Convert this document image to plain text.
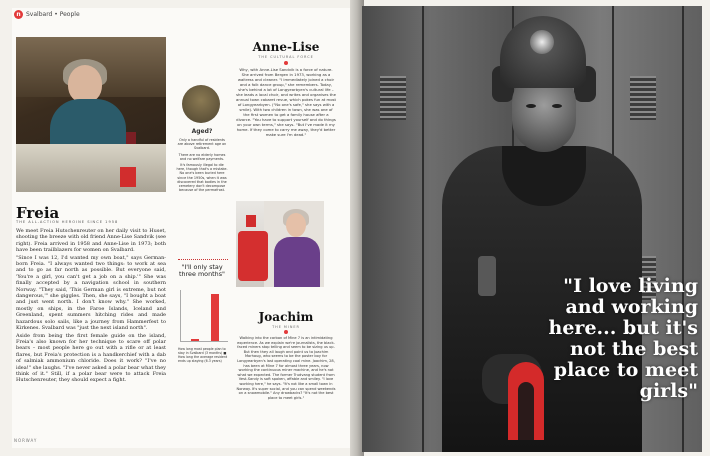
n Svalbard • People
Freia
THE ALL-ACTION HEROINE SINCE 1958

We meet Freia Hutschenreuter on her daily visit to Huset, shooting the breeze with old friend Anne-Lise Sandvik (see right). Freia arrived in 1958 and Anne-Lise in 1973; both have been trailblazers for women on Svalbard.

"Since I was 12, I'd wanted my own boat," says German-born Freia. "I always wanted two things: to work at sea and to go as far north as possible. But everyone said, 'You're a girl, you can't get a job on a ship.'" She was finally accepted by a navigation school in southern Norway. "They said, 'This German girl is extreme, but not dangerous,'" she giggles. Then, she says, "I bought a boat and just went north. I don't know why." She worked, mostly on ships, in the Faroe Islands, Iceland and Greenland, spent summers hitching rides and made hazardous solo sails, like a journey from Hammerfest to Kirkenes. Svalbard was "just the next island north".

Aside from being the first female guide on the island, Freia's also known for her technique to scare off polar bears – most people here go out with a rifle or at least flares, but Freia's protection is a handkerchief with a dab of salmiak ammonium chloride. Does it work? "I've no idea!" she laughs. "I've never asked a polar bear what they think of it." Still, if a polar bear were to attack Freia Hutschenreuter, they should expect a fight.

Aged?

Only a handful of residents are above retirement age on Svalbard.

There are no elderly homes and no welfare payments.

It's famously illegal to die here, though that's a mistake. No one's been buried here since the 1950s, when it was discovered that bodies in the cemetery don't decompose because of the permafrost.

"I'll only stay three months"
How long most people plan to stay in Svalbard (3 months) ■ How long the average resident ends up staying (6.3 years)
Anne-Lise
THE CULTURAL FORCE
Why, with Anne-Lise Sandvik is a force of nature. She arrived from Bergen in 1973, working as a waitress and cleaner. "I immediately joined a choir and a folk dance group," she remembers. Today, she's behind a lot of Longyearbyen's cultural life – she leads a local choir, and writes and organises the annual town cabaret revue, which pokes fun at most of Longyearbyen. ("No one's safe," she says with a smile). With two children in town, she was one of the first women to get a family house after a divorce. "You have to support yourself and do things on your own terms," she says. "But I've made it my home. If they come to carry me away, they'd better make sure I'm dead."
Joachim
THE MINER
Walking into the carbon of Mine 7 is an intimidating experience. As we explain we're journalists, the black-faced miners stop telling and seem to be sizing us up. But then they all laugh and point us to Joachim Morhaug, who seems to be the poster boy for Longyearbyen's last operating coal mine. Joachim, 28, has been at Mine 7 for almost three years, now working the continuous miner machine, and he's not what we expected. The former Trudvang student from Vest-Sandy is soft spoken, affable and smiley. "I love working here," he says. "It's not like a small town in Norway. It's super social, and you can spend weekends on a snowmobile." Any drawbacks? "It's not the best place to meet girls."
NORWAY
"I love living and working here... but it's not the best place to meet girls"
